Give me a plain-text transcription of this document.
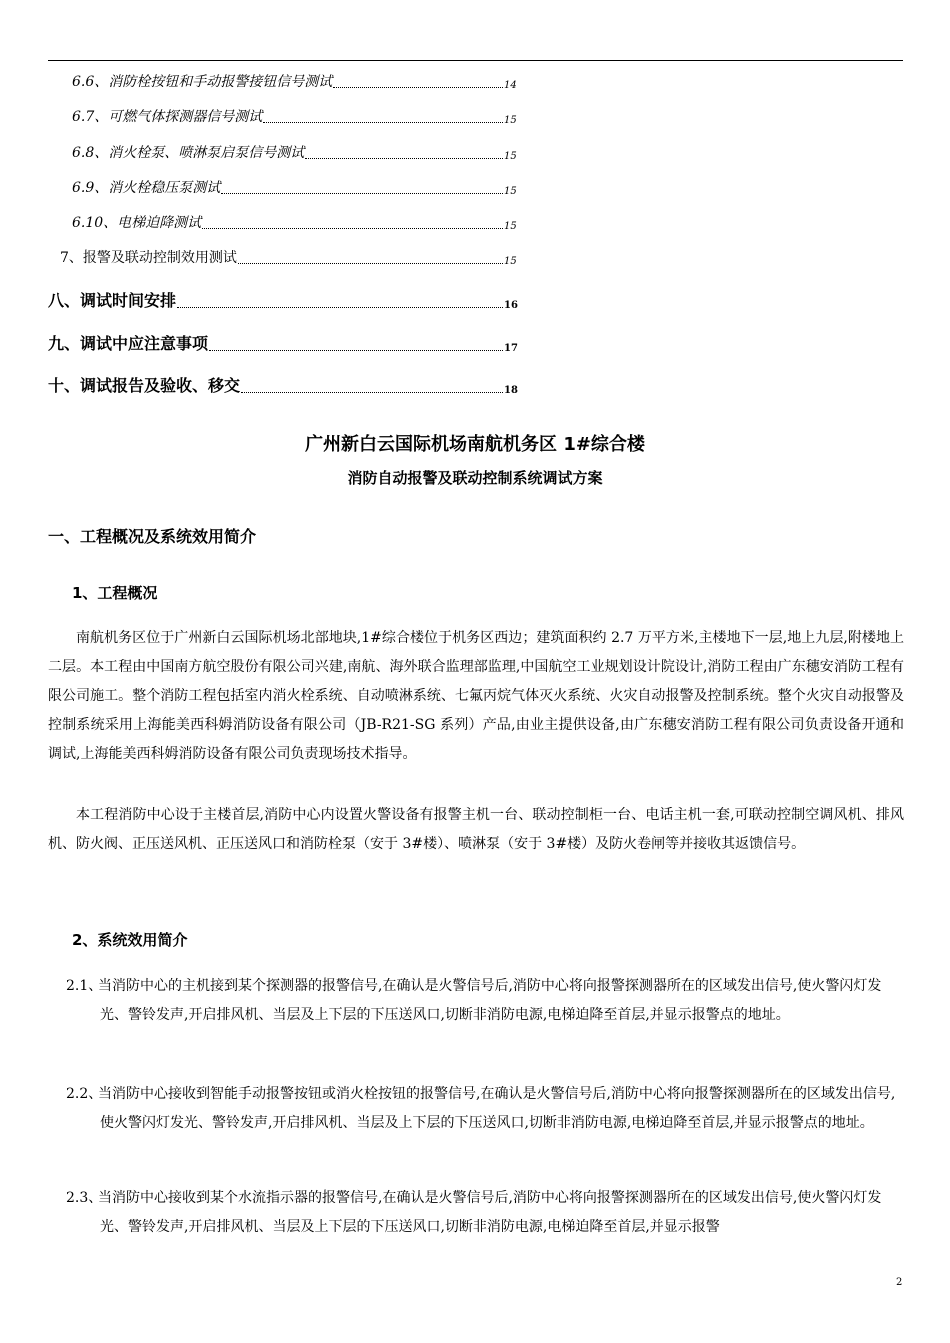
6.6、消防栓按钮和手动报警接钮信号测试	14
6.7、可燃气体探测器信号测试	15
6.8、消火栓泵、喷淋泵启泵信号测试	15
6.9、消火栓稳压泵测试	15
6.10、电梯迫降测试	15
7、报警及联动控制效用测试	15
八、调试时间安排	16
九、调试中应注意事项	17
十、调试报告及验收、移交	18
广州新白云国际机场南航机务区 1#综合楼
消防自动报警及联动控制系统调试方案
一、工程概况及系统效用简介
1、工程概况

南航机务区位于广州新白云国际机场北部地块,1#综合楼位于机务区西边；建筑面积约 2.7 万平方米,主楼地下一层,地上九层,附楼地上二层。本工程由中国南方航空股份有限公司兴建,南航、海外联合监理部监理,中国航空工业规划设计院设计,消防工程由广东穗安消防工程有限公司施工。整个消防工程包括室内消火栓系统、自动喷淋系统、七氟丙烷气体灭火系统、火灾自动报警及控制系统。整个火灾自动报警及控制系统采用上海能美西科姆消防设备有限公司（JB-R21-SG 系列）产品,由业主提供设备,由广东穗安消防工程有限公司负责设备开通和调试,上海能美西科姆消防设备有限公司负责现场技术指导。

本工程消防中心设于主楼首层,消防中心内设置火警设备有报警主机一台、联动控制柜一台、电话主机一套,可联动控制空调风机、排风机、防火阀、正压送风机、正压送风口和消防栓泵（安于 3#楼）、喷淋泵（安于 3#楼）及防火卷闸等并接收其返馈信号。

2、系统效用简介
2.1、
当消防中心的主机接到某个探测器的报警信号,在确认是火警信号后,消防中心将向报警探测器所在的区域发出信号,使火警闪灯发光、警铃发声,开启排风机、当层及上下层的下压送风口,切断非消防电源,电梯迫降至首层,并显示报警点的地址。
2.2、
当消防中心接收到智能手动报警按钮或消火栓按钮的报警信号,在确认是火警信号后,消防中心将向报警探测器所在的区域发出信号,使火警闪灯发光、警铃发声,开启排风机、当层及上下层的下压送风口,切断非消防电源,电梯迫降至首层,并显示报警点的地址。
2.3、
当消防中心接收到某个水流指示器的报警信号,在确认是火警信号后,消防中心将向报警探测器所在的区域发出信号,使火警闪灯发光、警铃发声,开启排风机、当层及上下层的下压送风口,切断非消防电源,电梯迫降至首层,并显示报警
2
